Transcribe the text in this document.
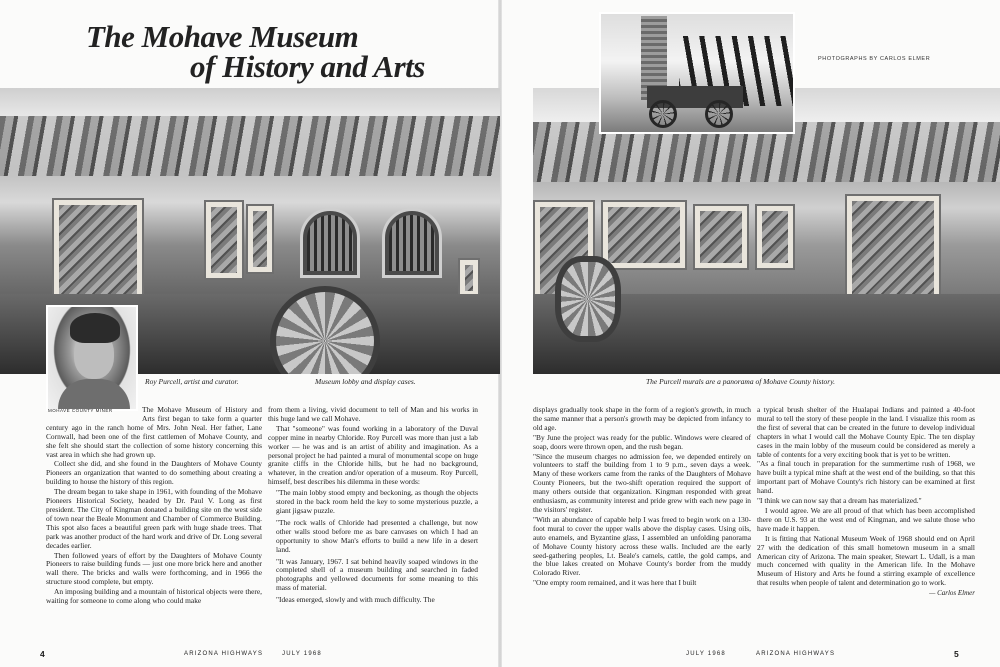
The Mohave Museum
of History and Arts	PHOTOGRAPHS BY CARLOS ELMER
Roy Purcell, artist and curator.	Museum lobby and display cases.	The Purcell murals are a panorama of Mohave County history.
MOHAVE COUNTY MINER	The Mohave Museum of History and Arts first began to take form a quarter century ago in the ranch home of Mrs. John Neal. Her father, Lane Cornwall, had been one of the first cattlemen of Mohave County, and she felt she should start the collection of some history concerning this vast area in which she had grown up.

Collect she did, and she found in the Daughters of Mohave County Pioneers an organization that wanted to do something about creating a building to house the history of this region.

The dream began to take shape in 1961, with founding of the Mohave Pioneers Historical Society, headed by Dr. Paul V. Long as first president. The City of Kingman donated a building site on the west side of town near the Beale Monument and Chamber of Commerce Building. This spot also faces a beautiful green park with huge shade trees. That park was another product of the hard work and drive of Dr. Long several decades earlier.

Then followed years of effort by the Daughters of Mohave County Pioneers to raise building funds — just one more brick here and another wall there. The bricks and walls were forthcoming, and in 1966 the structure stood complete, but empty.

An imposing building and a mountain of historical objects were there, waiting for someone to come along who could make

from them a living, vivid document to tell of Man and his works in this huge land we call Mohave.

That "someone" was found working in a laboratory of the Duval copper mine in nearby Chloride. Roy Purcell was more than just a lab worker — he was and is an artist of ability and imagination. As a personal project he had painted a mural of monumental scope on huge granite cliffs in the Chloride hills, but he had no background, whatever, in the creation and/or operation of a museum. Roy Purcell, himself, best describes his dilemma in these words:

"The main lobby stood empty and beckoning, as though the objects stored in the back room held the key to some mysterious puzzle, a giant jigsaw puzzle.

"The rock walls of Chloride had presented a challenge, but now other walls stood before me as bare canvases on which I had an opportunity to show Man's efforts to build a new life in a desert land.

"It was January, 1967. I sat behind heavily soaped windows in the completed shell of a museum building and searched in faded photographs and yellowed documents for some meaning to this mass of material.

"Ideas emerged, slowly and with much difficulty. The

displays gradually took shape in the form of a region's growth, in much the same manner that a person's growth may be depicted from infancy to old age.

"By June the project was ready for the public. Windows were cleared of soap, doors were thrown open, and the rush began.

"Since the museum charges no admission fee, we depended entirely on volunteers to staff the building from 1 to 9 p.m., seven days a week. Many of these workers came from the ranks of the Daughters of Mohave County Pioneers, but the two-shift operation required the support of many others outside that organization. Kingman responded with great enthusiasm, as community interest and pride grew with each new page in the visitors' register.

"With an abundance of capable help I was freed to begin work on a 130-foot mural to cover the upper walls above the display cases. Using oils, auto enamels, and Byzantine glass, I assembled an unfolding panorama of Mohave County history across these walls. Included are the early seed-gathering peoples, Lt. Beale's camels, cattle, the gold camps, and the blue lakes created on Mohave County's border from the muddy Colorado River.

"One empty room remained, and it was here that I built

a typical brush shelter of the Hualapai Indians and painted a 40-foot mural to tell the story of these people in the land. I visualize this room as the first of several that can be created in the future to develop individual chapters in what I would call the Mohave County Epic. The ten display cases in the main lobby of the museum could be considered as merely a table of contents for a very exciting book that is yet to be written.

"As a final touch in preparation for the summertime rush of 1968, we have built a typical mine shaft at the west end of the building, so that this important part of Mohave County's rich history can be examined at first hand.

"I think we can now say that a dream has materialized."

I would agree. We are all proud of that which has been accomplished there on U.S. 93 at the west end of Kingman, and we salute those who have made it happen.

It is fitting that National Museum Week of 1968 should end on April 27 with the dedication of this small hometown museum in a small American city of Arizona. The main speaker, Stewart L. Udall, is a man much concerned with quality in the American life. In the Mohave Museum of History and Arts he found a stirring example of excellence that results when people of talent and determination go to work.

— Carlos Elmer
4	ARIZONA HIGHWAYS	JULY 1968	JULY 1968	ARIZONA HIGHWAYS	5
